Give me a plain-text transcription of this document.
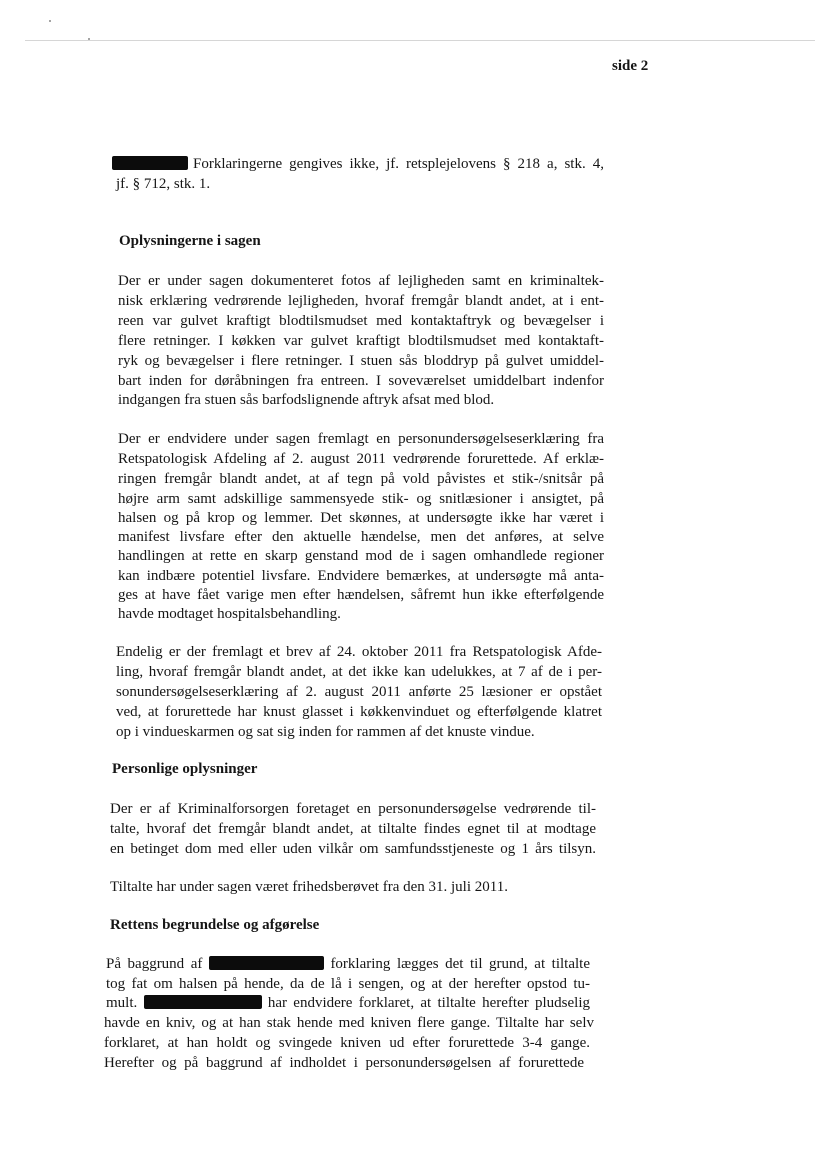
side 2
Forklaringerne gengives ikke, jf. retsplejelovens § 218 a, stk. 4,
jf. § 712, stk. 1.
Oplysningerne i sagen
Der er under sagen dokumenteret fotos af lejligheden samt en kriminaltek-
nisk erklæring vedrørende lejligheden, hvoraf fremgår blandt andet, at i ent-
reen var gulvet kraftigt blodtilsmudset med kontaktaftryk og bevægelser i
flere retninger. I køkken var gulvet kraftigt blodtilsmudset med kontaktaft-
ryk og bevægelser i flere retninger. I stuen sås bloddryp på gulvet umiddel-
bart inden for døråbningen fra entreen. I soveværelset umiddelbart indenfor
indgangen fra stuen sås barfodslignende aftryk afsat med blod.
Der er endvidere under sagen fremlagt en personundersøgelseserklæring fra
Retspatologisk Afdeling af 2. august 2011 vedrørende forurettede. Af erklæ-
ringen fremgår blandt andet, at af tegn på vold påvistes et stik-/snitsår på
højre arm samt adskillige sammensyede stik- og snitlæsioner i ansigtet, på
halsen og på krop og lemmer. Det skønnes, at undersøgte ikke har været i
manifest livsfare efter den aktuelle hændelse, men det anføres, at selve
handlingen at rette en skarp genstand mod de i sagen omhandlede regioner
kan indbære potentiel livsfare. Endvidere bemærkes, at undersøgte må anta-
ges at have fået varige men efter hændelsen, såfremt hun ikke efterfølgende
havde modtaget hospitalsbehandling.
Endelig er der fremlagt et brev af 24. oktober 2011 fra Retspatologisk Afde-
ling, hvoraf fremgår blandt andet, at det ikke kan udelukkes, at 7 af de i per-
sonundersøgelseserklæring af 2. august 2011 anførte 25 læsioner er opstået
ved, at forurettede har knust glasset i køkkenvinduet og efterfølgende klatret
op i vindueskarmen og sat sig inden for rammen af det knuste vindue.
Personlige oplysninger
Der er af Kriminalforsorgen foretaget en personundersøgelse vedrørende til-
talte, hvoraf det fremgår blandt andet, at tiltalte findes egnet til at modtage
en betinget dom med eller uden vilkår om samfundsstjeneste og 1 års tilsyn.
Tiltalte har under sagen været frihedsberøvet fra den 31. juli 2011.
Rettens begrundelse og afgørelse
På baggrund af	forklaring lægges det til grund, at tiltalte
tog fat om halsen på hende, da de lå i sengen, og at der herefter opstod tu-
mult.	har endvidere forklaret, at tiltalte herefter pludselig
havde en kniv, og at han stak hende med kniven flere gange. Tiltalte har selv
forklaret, at han holdt og svingede kniven ud efter forurettede 3-4 gange.
Herefter og på baggrund af indholdet i personundersøgelsen af forurettede
